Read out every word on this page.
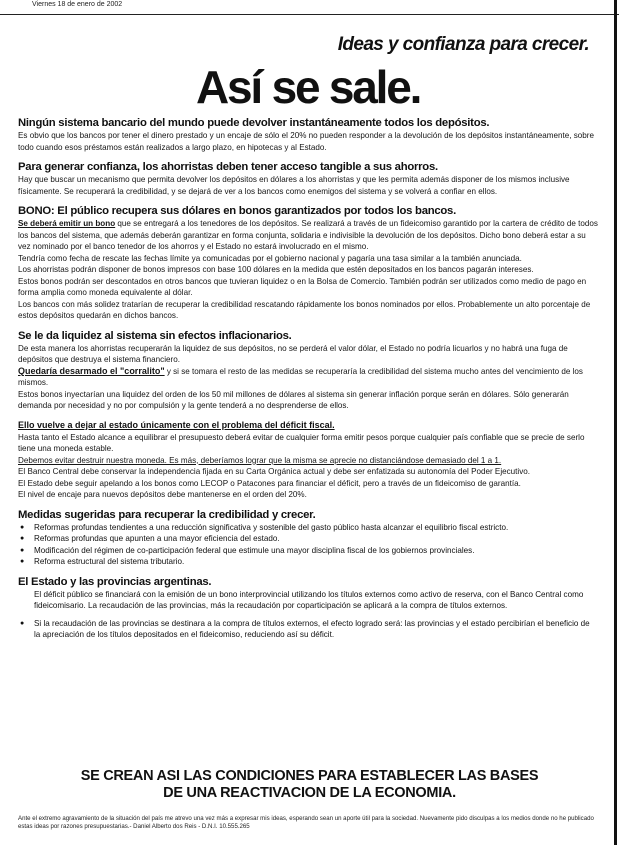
Viernes 18 de enero de 2002
Ideas y confianza para crecer.
Así se sale.
Ningún sistema bancario del mundo puede devolver instantáneamente todos los depósitos.

Es obvio que los bancos por tener el dinero prestado y un encaje de sólo el 20% no pueden responder a la devolución de los depósitos instantáneamente, sobre todo cuando esos préstamos están realizados a largo plazo, en hipotecas y al Estado.

Para generar confianza, los ahorristas deben tener acceso tangible a sus ahorros.

Hay que buscar un mecanismo que permita devolver los depósitos en dólares a los ahorristas y que les permita además disponer de los mismos inclusive físicamente. Se recuperará la credibilidad, y se dejará de ver a los bancos como enemigos del sistema y se volverá a confiar en ellos.

BONO: El público recupera sus dólares en bonos garantizados por todos los bancos.

Se deberá emitir un bono que se entregará a los tenedores de los depósitos. Se realizará a través de un fideicomiso garantido por la cartera de crédito de todos los bancos del sistema, que además deberán garantizar en forma conjunta, solidaria e indivisible la devolución de los depósitos. Dicho bono deberá estar a su vez nominado por el banco tenedor de los ahorros y el Estado no estará involucrado en el mismo.

Tendría como fecha de rescate las fechas límite ya comunicadas por el gobierno nacional y pagaría una tasa similar a la también anunciada.

Los ahorristas podrán disponer de bonos impresos con base 100 dólares en la medida que estén depositados en los bancos pagarán intereses.

Estos bonos podrán ser descontados en otros bancos que tuvieran liquidez o en la Bolsa de Comercio. También podrán ser utilizados como medio de pago en forma amplia como moneda equivalente al dólar.

Los bancos con más solidez tratarían de recuperar la credibilidad rescatando rápidamente los bonos nominados por ellos. Probablemente un alto porcentaje de estos depósitos quedarán en dichos bancos.

Se le da liquidez al sistema sin efectos inflacionarios.

De esta manera los ahorristas recuperarán la liquidez de sus depósitos, no se perderá el valor dólar, el Estado no podría licuarlos y no habrá una fuga de depósitos que destruya el sistema financiero.

Quedaría desarmado el "corralito" y si se tomara el resto de las medidas se recuperaría la credibilidad del sistema mucho antes del vencimiento de los mismos.

Estos bonos inyectarían una liquidez del orden de los 50 mil millones de dólares al sistema sin generar inflación porque serán en dólares. Sólo generarán demanda por necesidad y no por compulsión y la gente tenderá a no desprenderse de ellos.

Ello vuelve a dejar al estado únicamente con el problema del déficit fiscal.

Hasta tanto el Estado alcance a equilibrar el presupuesto deberá evitar de cualquier forma emitir pesos porque cualquier país confiable que se precie de serlo tiene una moneda estable.

Debemos evitar destruir nuestra moneda. Es más, deberíamos lograr que la misma se aprecie no distanciándose demasiado del 1 a 1.

El Banco Central debe conservar la independencia fijada en su Carta Orgánica actual y debe ser enfatizada su autonomía del Poder Ejecutivo.

El Estado debe seguir apelando a los bonos como LECOP o Patacones para financiar el déficit, pero a través de un fideicomiso de garantía.

El nivel de encaje para nuevos depósitos debe mantenerse en el orden del 20%.

Medidas sugeridas para recuperar la credibilidad y crecer.
● Reformas profundas tendientes a una reducción significativa y sostenible del gasto público hasta alcanzar el equilibrio fiscal estricto.
● Reformas profundas que apunten a una mayor eficiencia del estado.
● Modificación del régimen de co-participación federal que estimule una mayor disciplina fiscal de los gobiernos provinciales.
● Reforma estructural del sistema tributario.
El Estado y las provincias argentinas.
● El déficit público se financiará con la emisión de un bono interprovincial utilizando los títulos externos como activo de reserva, con el Banco Central como fideicomisario. La recaudación de las provincias, más la recaudación por coparticipación se aplicará a la compra de títulos externos.
● Si la recaudación de las provincias se destinara a la compra de títulos externos, el efecto logrado será: las provincias y el estado percibirían el beneficio de la apreciación de los títulos depositados en el fideicomiso, reduciendo así su déficit.
SE CREAN ASI LAS CONDICIONES PARA ESTABLECER LAS BASES
DE UNA REACTIVACION DE LA ECONOMIA.
Ante el extremo agravamiento de la situación del país me atrevo una vez más a expresar mis ideas, esperando sean un aporte útil para la sociedad. Nuevamente pido disculpas a los medios donde no he publicado estas ideas por razones presupuestarias.- Daniel Alberto dos Reis - D.N.I. 10.555.265
